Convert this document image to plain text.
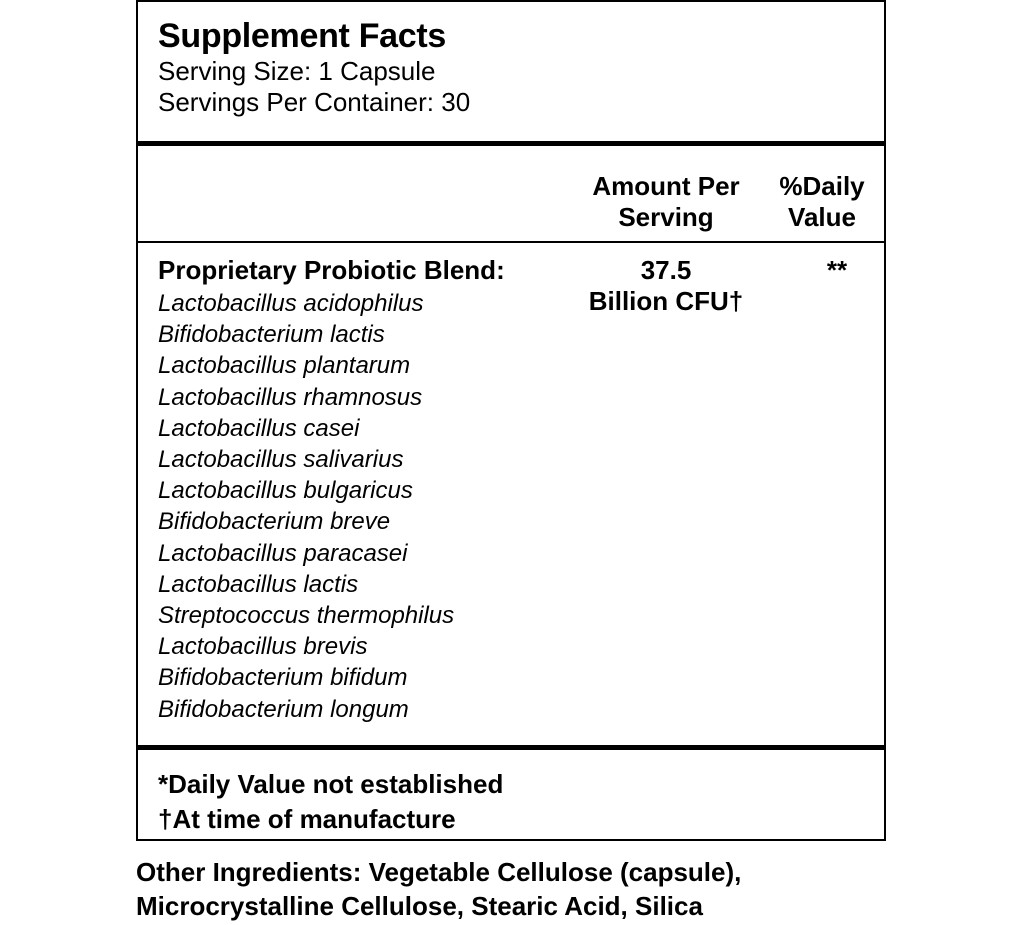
Supplement Facts
Serving Size: 1 Capsule
Servings Per Container: 30
Amount Per
Serving
%Daily
Value
Proprietary Probiotic Blend:	37.5
Billion CFU†
**
Lactobacillus acidophilus
Bifidobacterium lactis
Lactobacillus plantarum
Lactobacillus rhamnosus
Lactobacillus casei
Lactobacillus salivarius
Lactobacillus bulgaricus
Bifidobacterium breve
Lactobacillus paracasei
Lactobacillus lactis
Streptococcus thermophilus
Lactobacillus brevis
Bifidobacterium bifidum
Bifidobacterium longum
*Daily Value not established
†At time of manufacture
Other Ingredients: Vegetable Cellulose (capsule),
Microcrystalline Cellulose, Stearic Acid, Silica
